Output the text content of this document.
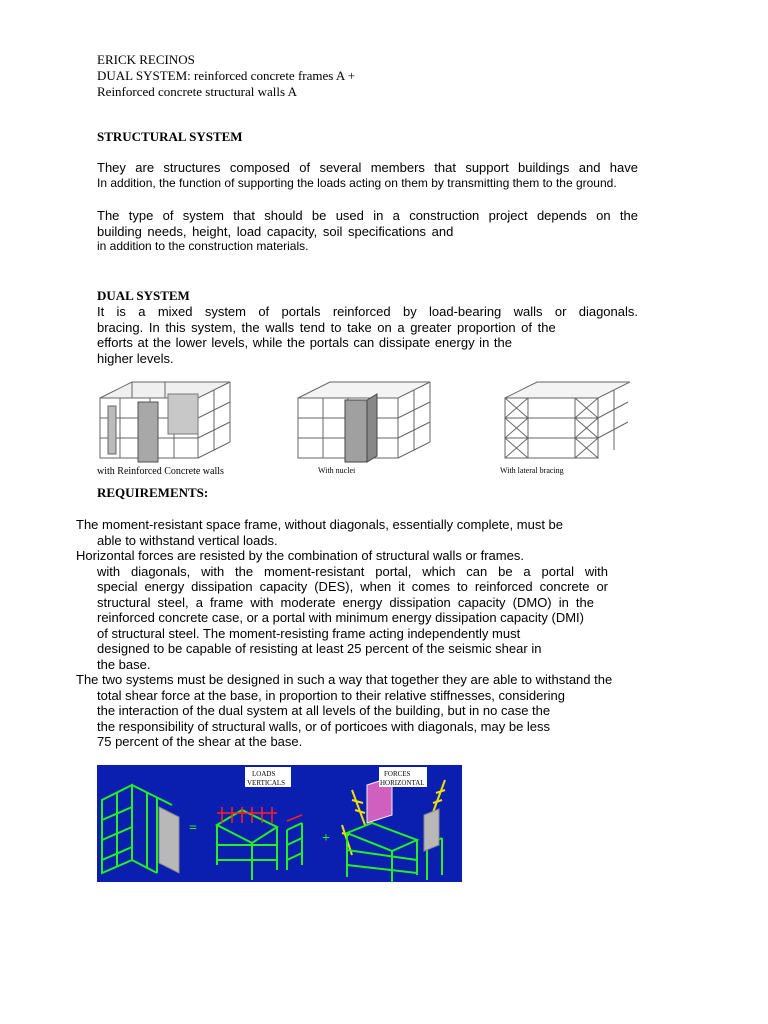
ERICK RECINOS
DUAL SYSTEM: reinforced concrete frames A +
Reinforced concrete structural walls A
STRUCTURAL SYSTEM
They are structures composed of several members that support buildings and have
In addition, the function of supporting the loads acting on them by transmitting them to the ground.
The type of system that should be used in a construction project depends on the
building needs, height, load capacity, soil specifications and
in addition to the construction materials.
DUAL SYSTEM
It is a mixed system of portals reinforced by load-bearing walls or diagonals.
bracing. In this system, the walls tend to take on a greater proportion of the
efforts at the lower levels, while the portals can dissipate energy in the
higher levels.
with Reinforced Concrete walls	With nuclei	With lateral bracing
REQUIREMENTS:
The moment-resistant space frame, without diagonals, essentially complete, must be
able to withstand vertical loads.
Horizontal forces are resisted by the combination of structural walls or frames.
with diagonals, with the moment-resistant portal, which can be a portal with
special energy dissipation capacity (DES), when it comes to reinforced concrete or
structural steel, a frame with moderate energy dissipation capacity (DMO) in the
reinforced concrete case, or a portal with minimum energy dissipation capacity (DMI)
of structural steel. The moment-resisting frame acting independently must
designed to be capable of resisting at least 25 percent of the seismic shear in
the base.
The two systems must be designed in such a way that together they are able to withstand the
total shear force at the base, in proportion to their relative stiffnesses, considering
the interaction of the dual system at all levels of the building, but in no case the
the responsibility of structural walls, or of porticoes with diagonals, may be less
75 percent of the shear at the base.
=
LOADS
VERTICALS
+
FORCES
HORIZONTAL
